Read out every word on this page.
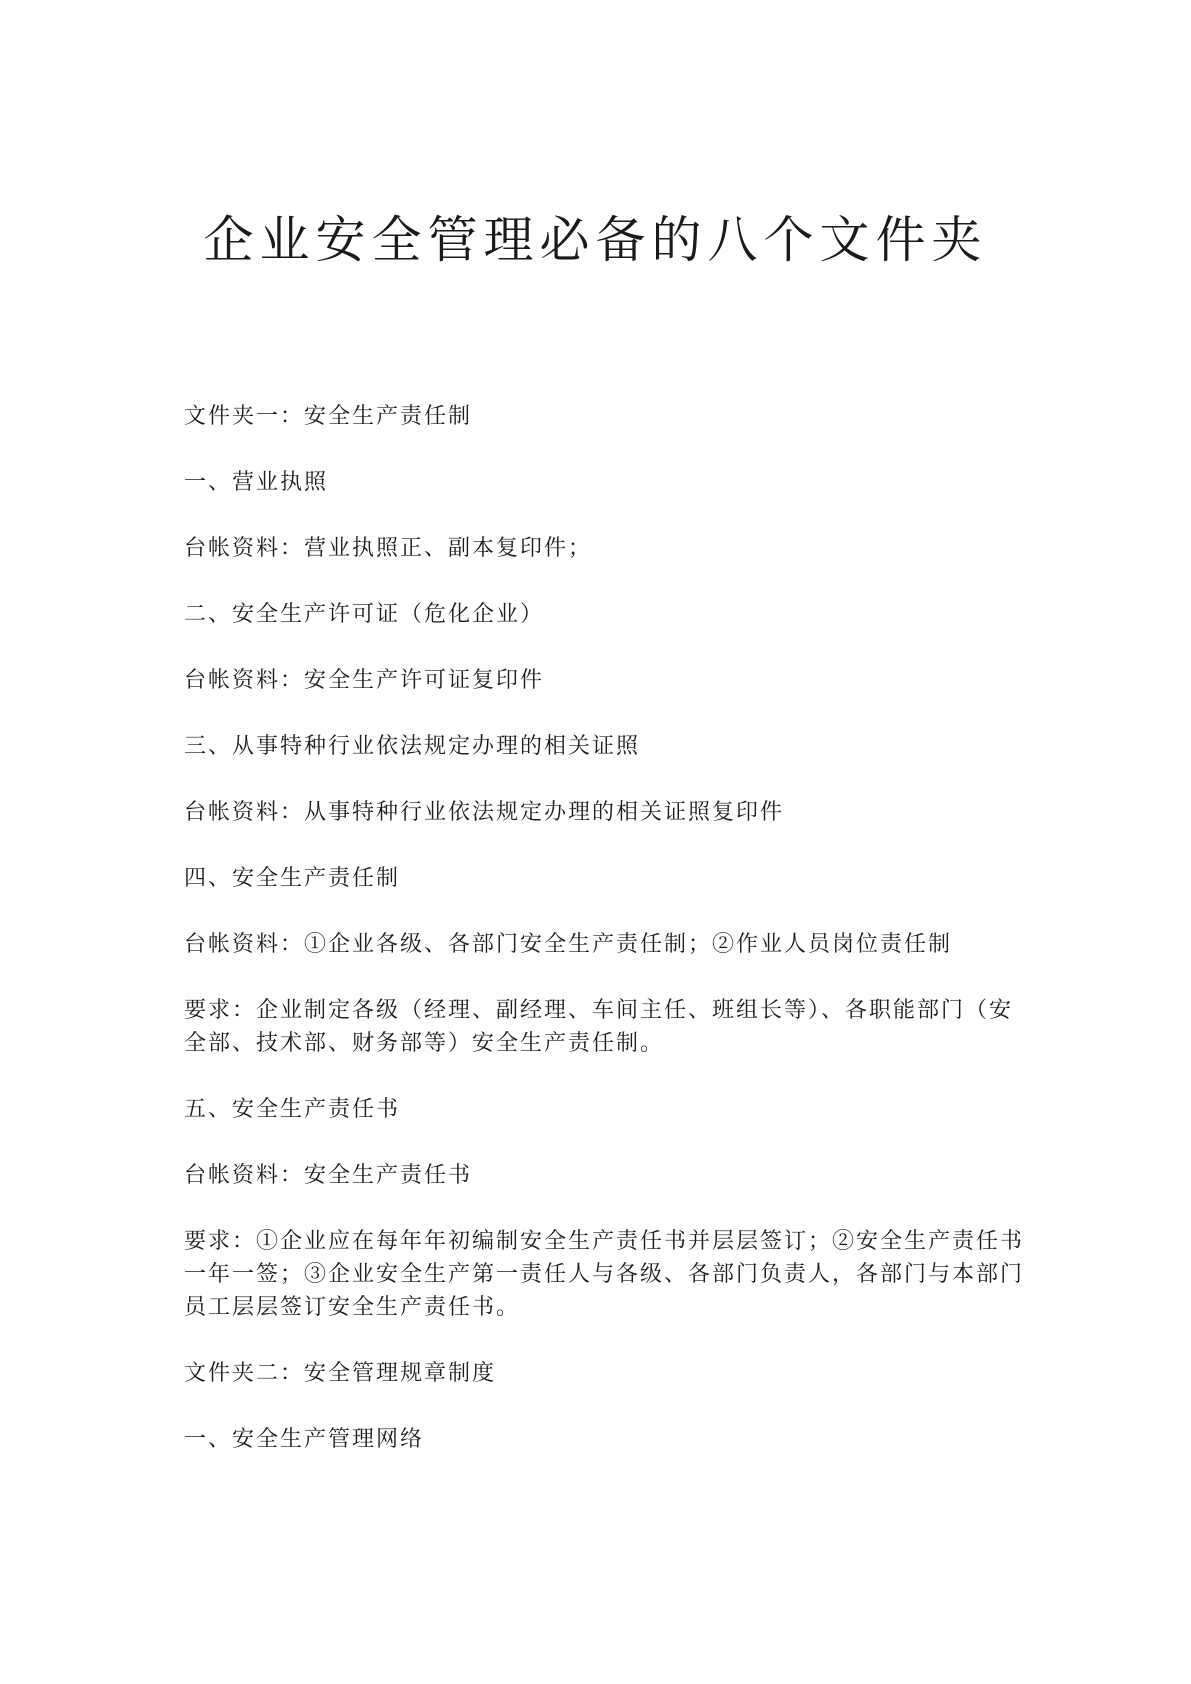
企业安全管理必备的八个文件夹

文件夹一：安全生产责任制

一、营业执照

台帐资料：营业执照正、副本复印件；

二、安全生产许可证（危化企业）

台帐资料：安全生产许可证复印件

三、从事特种行业依法规定办理的相关证照

台帐资料：从事特种行业依法规定办理的相关证照复印件

四、安全生产责任制

台帐资料：①企业各级、各部门安全生产责任制；②作业人员岗位责任制

要求：企业制定各级（经理、副经理、车间主任、班组长等）、各职能部门（安全部、技术部、财务部等）安全生产责任制。

五、安全生产责任书

台帐资料：安全生产责任书

要求：①企业应在每年年初编制安全生产责任书并层层签订；②安全生产责任书一年一签；③企业安全生产第一责任人与各级、各部门负责人，各部门与本部门员工层层签订安全生产责任书。

文件夹二：安全管理规章制度

一、安全生产管理网络
